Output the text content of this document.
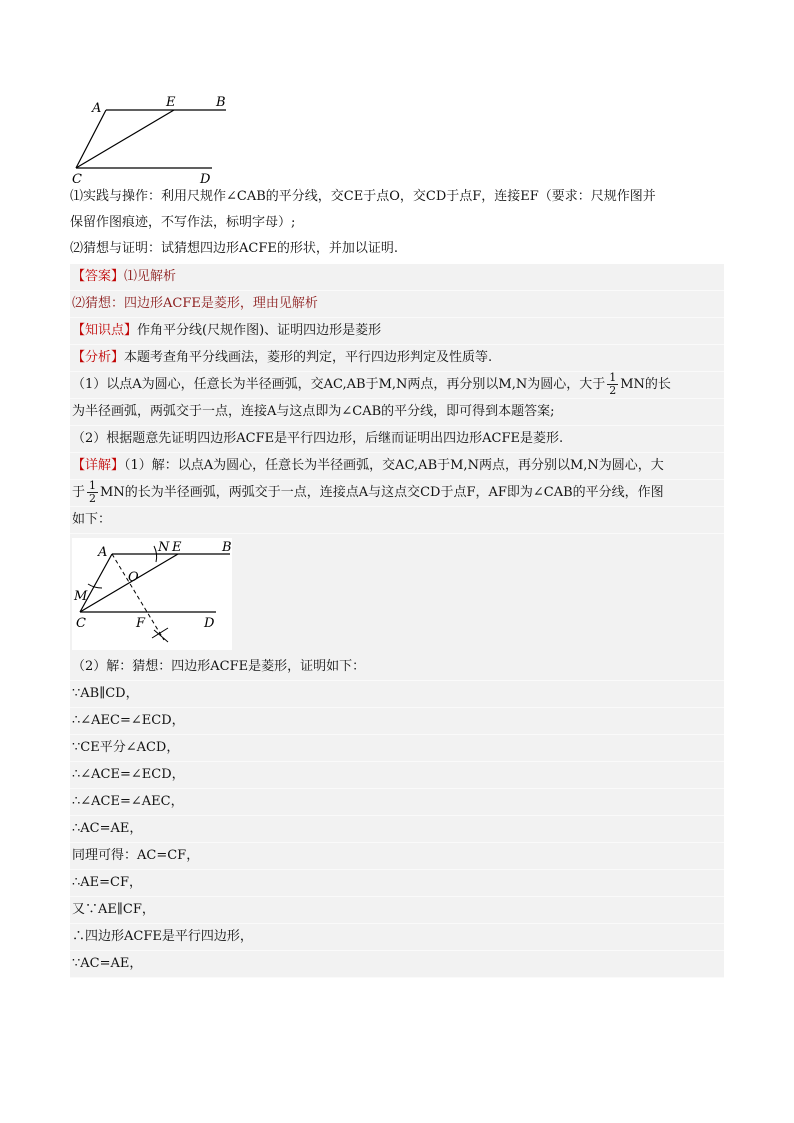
A	E	B
C	D
⑴实践与操作：利用尺规作∠CAB的平分线，交CE于点O，交CD于点F，连接EF（要求：尺规作图并
保留作图痕迹，不写作法，标明字母）;
⑵猜想与证明：试猜想四边形ACFE的形状，并加以证明.
【答案】⑴见解析
⑵猜想：四边形ACFE是菱形，理由见解析
【知识点】作角平分线(尺规作图)、证明四边形是菱形
【分析】本题考查角平分线画法，菱形的判定，平行四边形判定及性质等.
（1）以点A为圆心，任意长为半径画弧，交AC,AB于M,N两点，再分别以M,N为圆心，大于 $\frac{1}{2}$ MN的长
为半径画弧，两弧交于一点，连接A与这点即为∠CAB的平分线，即可得到本题答案;
（2）根据题意先证明四边形ACFE是平行四边形，后继而证明出四边形ACFE是菱形.
【详解】（1）解：以点A为圆心，任意长为半径画弧，交AC,AB于M,N两点，再分别以M,N为圆心，大
于 $\frac{1}{2}$ MN的长为半径画弧，两弧交于一点，连接点A与这点交CD于点F，AF即为∠CAB的平分线，作图
如下：
A	N E	B
O
M
C	F	D
（2）解：猜想：四边形ACFE是菱形，证明如下：
∵AB∥CD，
∴∠AEC=∠ECD，
∵CE平分∠ACD，
∴∠ACE=∠ECD，
∴∠ACE=∠AEC，
∴AC=AE，
同理可得：AC=CF，
∴AE=CF，
又∵AE∥CF，
∴四边形ACFE是平行四边形，
∵AC=AE，
